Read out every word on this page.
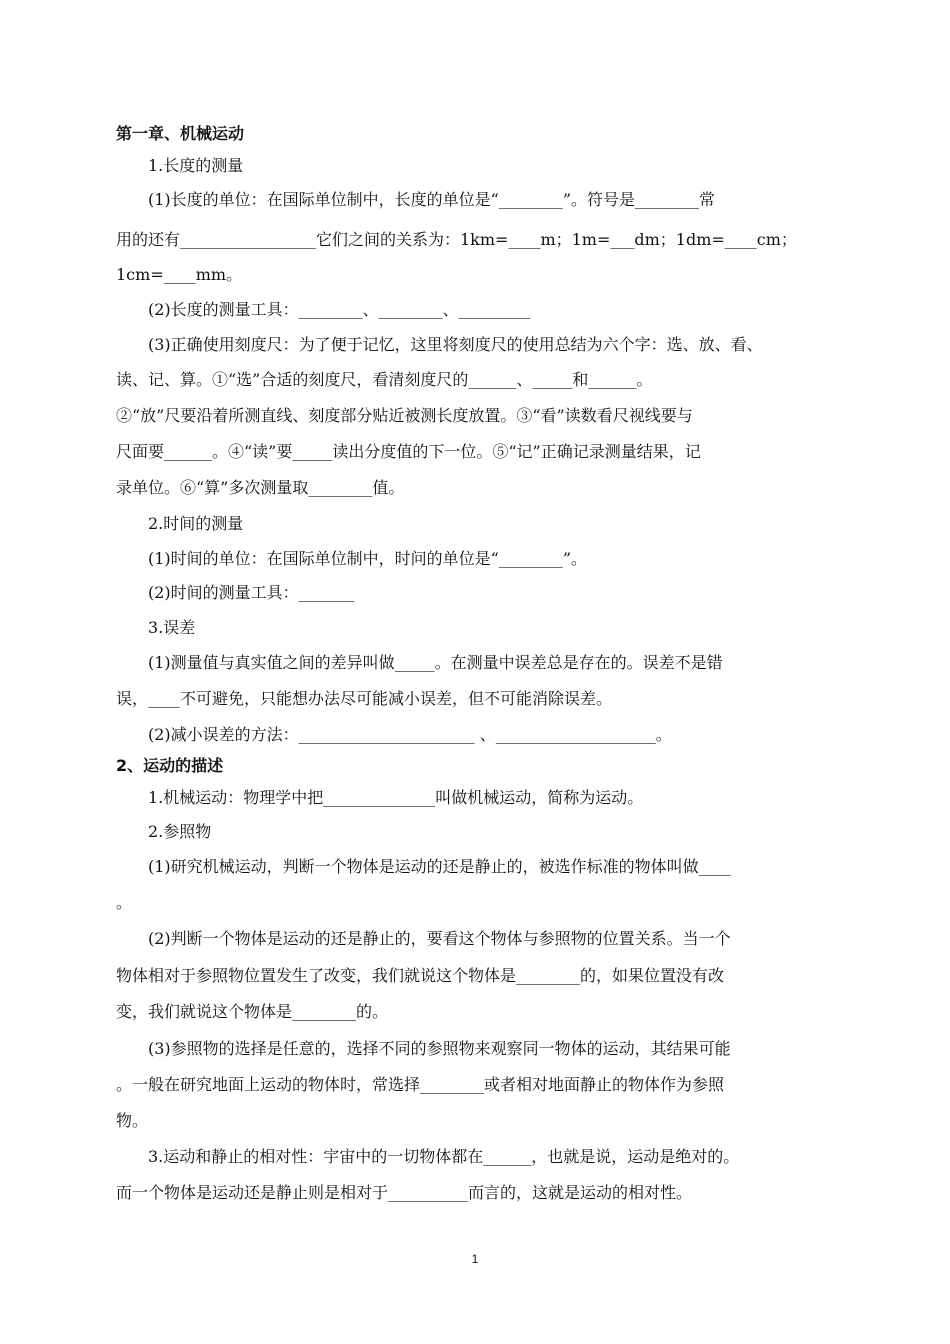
第一章、机械运动
1.长度的测量
(1)长度的单位：在国际单位制中，长度的单位是“________”。符号是________常
用的还有_________________它们之间的关系为：1km=____m；1m=___dm；1dm=____cm；
1cm=____mm。
(2)长度的测量工具：________、________、_________
(3)正确使用刻度尺：为了便于记忆，这里将刻度尺的使用总结为六个字：选、放、看、
读、记、算。①“选”合适的刻度尺，看清刻度尺的______、_____和______。
②“放”尺要沿着所测直线、刻度部分贴近被测长度放置。③“看”读数看尺视线要与
尺面要______。④“读”要_____读出分度值的下一位。⑤“记”正确记录测量结果，记
录单位。⑥“算”多次测量取________值。
2.时间的测量
(1)时间的单位：在国际单位制中，时问的单位是“________”。
(2)时间的测量工具：_______
3.误差
(1)测量值与真实值之间的差异叫做_____。在测量中误差总是存在的。误差不是错
误，____不可避免，只能想办法尽可能减小误差，但不可能消除误差。
(2)减小误差的方法：______________________ 、____________________。
2、运动的描述
1.机械运动：物理学中把______________叫做机械运动，简称为运动。
2.参照物
(1)研究机械运动，判断一个物体是运动的还是静止的，被选作标准的物体叫做____
。
(2)判断一个物体是运动的还是静止的，要看这个物体与参照物的位置关系。当一个
物体相对于参照物位置发生了改变，我们就说这个物体是________的，如果位置没有改
变，我们就说这个物体是________的。
(3)参照物的选择是任意的，选择不同的参照物来观察同一物体的运动，其结果可能
。一般在研究地面上运动的物体时，常选择________或者相对地面静止的物体作为参照
物。
3.运动和静止的相对性：宇宙中的一切物体都在______，也就是说，运动是绝对的。
而一个物体是运动还是静止则是相对于__________而言的，这就是运动的相对性。
1
